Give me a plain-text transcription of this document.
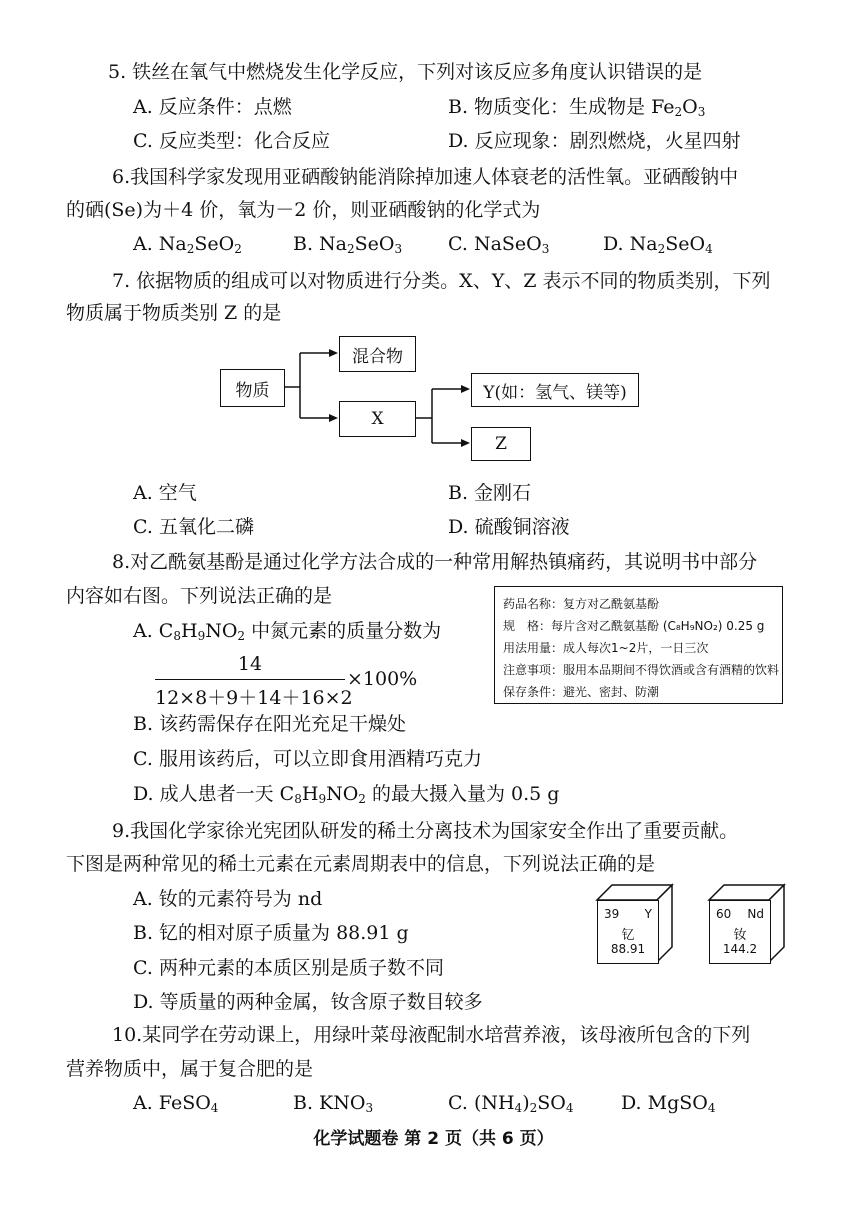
5. 铁丝在氧气中燃烧发生化学反应，下列对该反应多角度认识错误的是
A. 反应条件：点燃	B. 物质变化：生成物是 $Fe_2O_3$
C. 反应类型：化合反应	D. 反应现象：剧烈燃烧，火星四射
6.我国科学家发现用亚硒酸钠能消除掉加速人体衰老的活性氧。亚硒酸钠中
的硒(Se)为＋4 价，氧为－2 价，则亚硒酸钠的化学式为
A. $Na_2SeO_2$	B. $Na_2SeO_3$ C. NaSeO$_3$	D. $Na_2SeO_4$
7. 依据物质的组成可以对物质进行分类。X、Y、Z 表示不同的物质类别，下列
物质属于物质类别 Z 的是
物质
混合物
X
Y(如：氢气、镁等)
Z
A. 空气	B. 金刚石
C. 五氧化二磷	D. 硫酸铜溶液
8.对乙酰氨基酚是通过化学方法合成的一种常用解热镇痛药，其说明书中部分
内容如右图。下列说法正确的是
A. $C_8H_9NO_2$ 中氮元素的质量分数为
14
12×8＋9＋14＋16×2
×100%
B. 该药需保存在阳光充足干燥处
C. 服用该药后，可以立即食用酒精巧克力
D. 成人患者一天 $C_8H_9NO_2$ 的最大摄入量为 0.5 g
药品名称：复方对乙酰氨基酚
规　格：每片含对乙酰氨基酚 (C₈H₉NO₂) 0.25 g
用法用量：成人每次1~2片，一日三次
注意事项：服用本品期间不得饮酒或含有酒精的饮料
保存条件：避光、密封、防潮
9.我国化学家徐光宪团队研发的稀土分离技术为国家安全作出了重要贡献。
下图是两种常见的稀土元素在元素周期表中的信息，下列说法正确的是
A. 钕的元素符号为 nd
B. 钇的相对原子质量为 88.91 g
C. 两种元素的本质区别是质子数不同
D. 等质量的两种金属，钕含原子数目较多
39 Y
钇
88.91
60 Nd
钕
144.2
10.某同学在劳动课上，用绿叶菜母液配制水培营养液，该母液所包含的下列
营养物质中，属于复合肥的是
A. FeSO$_4$	B. $KNO_3$	C. $(NH_4)_2SO_4$	D. MgSO$_4$
化学试题卷 第 2 页（共 6 页）
